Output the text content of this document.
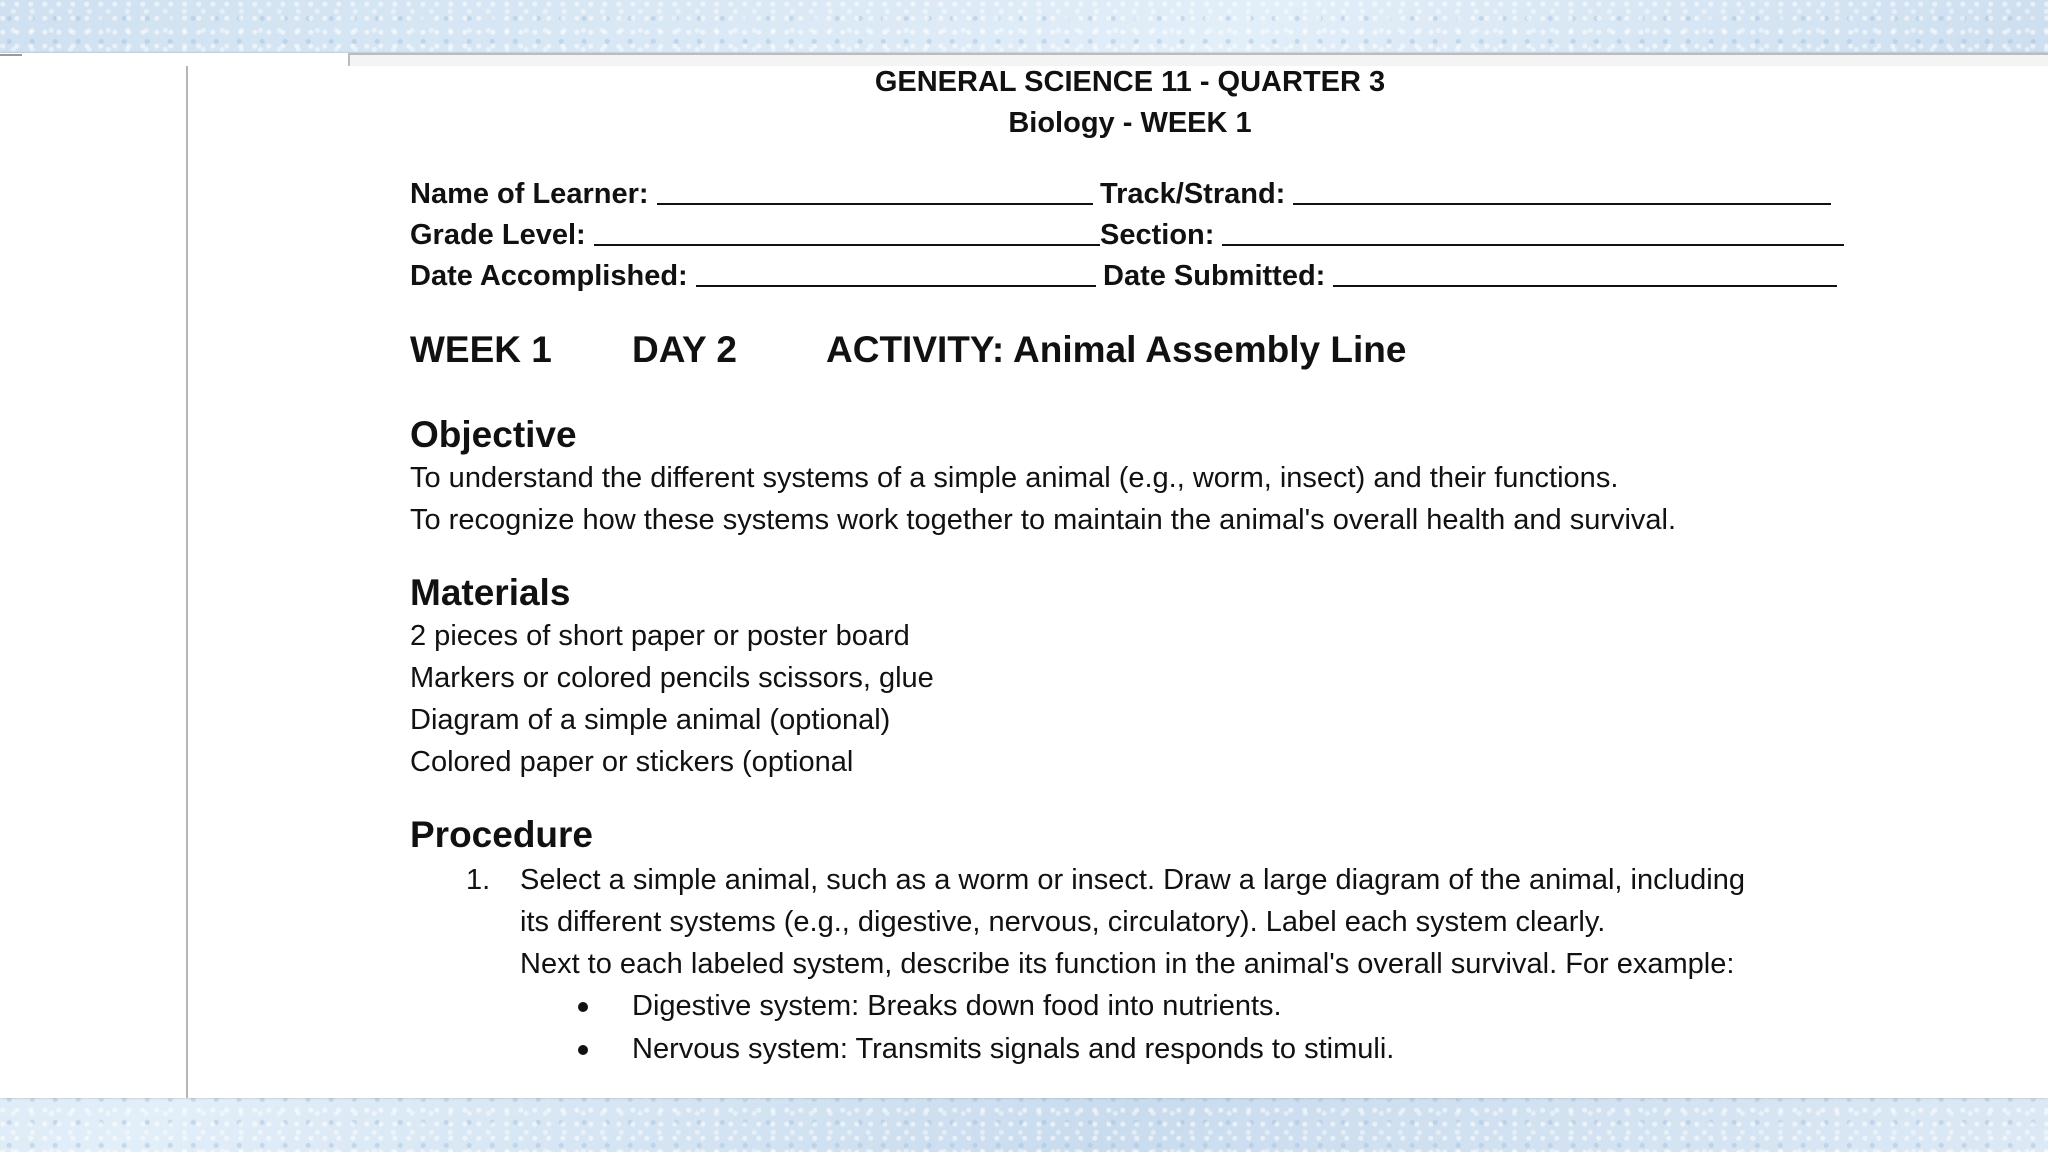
GENERAL SCIENCE 11 - QUARTER 3
Biology - WEEK 1
Name of Learner:	Track/Strand:
Grade Level:	Section:
Date Accomplished:	Date Submitted:
WEEK 1	DAY 2	ACTIVITY: Animal Assembly Line
Objective
To understand the different systems of a simple animal (e.g., worm, insect) and their functions.
To recognize how these systems work together to maintain the animal's overall health and survival.
Materials
2 pieces of short paper or poster board
Markers or colored pencils scissors, glue
Diagram of a simple animal (optional)
Colored paper or stickers (optional
Procedure
1.	Select a simple animal, such as a worm or insect. Draw a large diagram of the animal, including
its different systems (e.g., digestive, nervous, circulatory). Label each system clearly.
Next to each labeled system, describe its function in the animal's overall survival. For example:
Digestive system: Breaks down food into nutrients.
Nervous system: Transmits signals and responds to stimuli.
